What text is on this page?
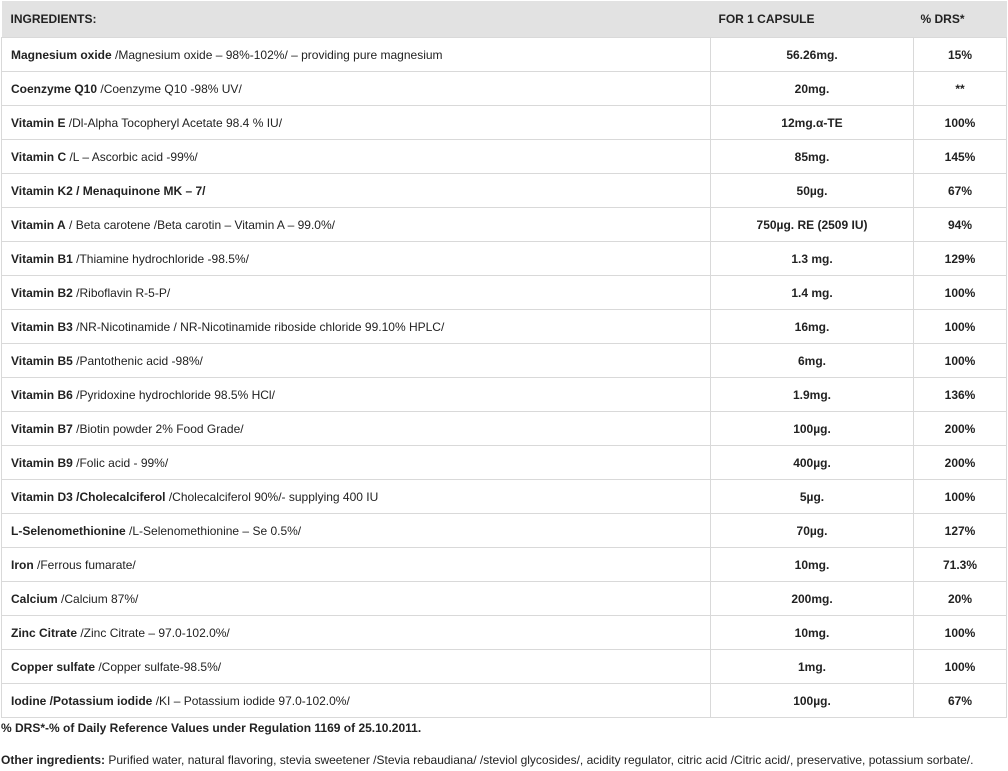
INGREDIENTS:	FOR 1 CAPSULE	% DRS*
Magnesium oxide /Magnesium oxide – 98%-102%/ – providing pure magnesium	56.26mg.	15%
Coenzyme Q10 /Coenzyme Q10 -98% UV/	20mg.	**
Vitamin E /Dl-Alpha Tocopheryl Acetate 98.4 % IU/	12mg.α-TE	100%
Vitamin C /L – Ascorbic acid -99%/	85mg.	145%
Vitamin K2 / Menaquinone MK – 7/	50µg.	67%
Vitamin A / Beta carotene /Beta carotin – Vitamin A – 99.0%/	750µg. RE (2509 IU)	94%
Vitamin B1 /Thiamine hydrochloride -98.5%/	1.3 mg.	129%
Vitamin B2 /Riboflavin R-5-P/	1.4 mg.	100%
Vitamin B3 /NR-Nicotinamide / NR-Nicotinamide riboside chloride 99.10% HPLC/	16mg.	100%
Vitamin B5 /Pantothenic acid -98%/	6mg.	100%
Vitamin B6 /Pyridoxine hydrochloride 98.5% HCl/	1.9mg.	136%
Vitamin B7 /Biotin powder 2% Food Grade/	100µg.	200%
Vitamin B9 /Folic acid - 99%/	400µg.	200%
Vitamin D3 /Cholecalciferol /Cholecalciferol 90%/- supplying 400 IU	5µg.	100%
L-Selenomethionine /L-Selenomethionine – Se 0.5%/	70µg.	127%
Iron /Ferrous fumarate/	10mg.	71.3%
Calcium /Calcium 87%/	200mg.	20%
Zinc Citrate /Zinc Citrate – 97.0-102.0%/	10mg.	100%
Copper sulfate /Copper sulfate-98.5%/	1mg.	100%
Iodine /Potassium iodide /KI – Potassium iodide 97.0-102.0%/	100µg.	67%

% DRS*-% of Daily Reference Values under Regulation 1169 of 25.10.2011.

Other ingredients: Purified water, natural flavoring, stevia sweetener /Stevia rebaudiana/ /steviol glycosides/, acidity regulator, citric acid /Citric acid/, preservative, potassium sorbate/.
